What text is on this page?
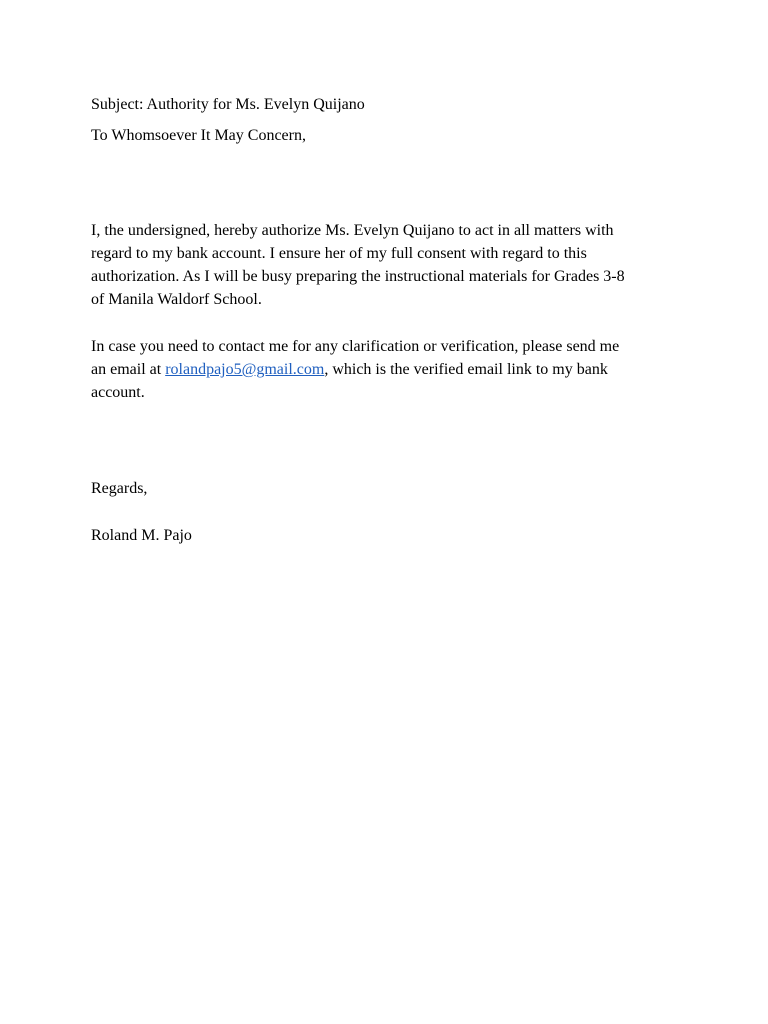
Subject: Authority for Ms. Evelyn Quijano

To Whomsoever It May Concern,

I, the undersigned, hereby authorize Ms. Evelyn Quijano to act in all matters with

regard to my bank account. I ensure her of my full consent with regard to this

authorization. As I will be busy preparing the instructional materials for Grades 3-8

of Manila Waldorf School.

In case you need to contact me for any clarification or verification, please send me

an email at rolandpajo5@gmail.com, which is the verified email link to my bank

account.

Regards,

Roland M. Pajo
